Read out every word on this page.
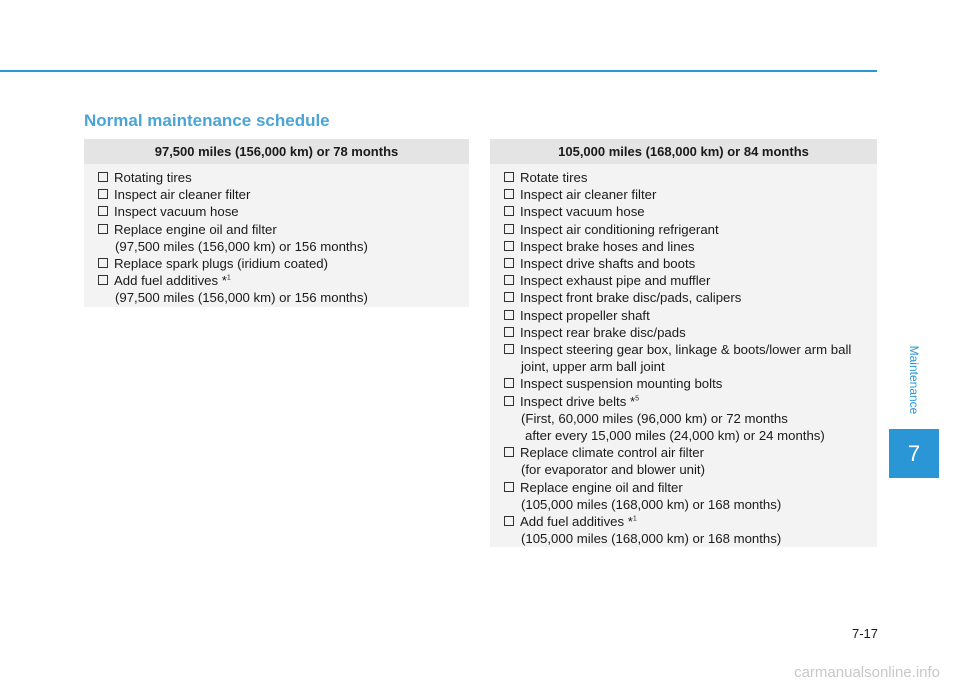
Normal maintenance schedule
97,500 miles (156,000 km) or 78 months
Rotating tires
Inspect air cleaner filter
Inspect vacuum hose
Replace engine oil and filter
(97,500 miles (156,000 km) or 156 months)
Replace spark plugs (iridium coated)
Add fuel additives *$^1$
(97,500 miles (156,000 km) or 156 months)
105,000 miles (168,000 km) or 84 months
Rotate tires
Inspect air cleaner filter
Inspect vacuum hose
Inspect air conditioning refrigerant
Inspect brake hoses and lines
Inspect drive shafts and boots
Inspect exhaust pipe and muffler
Inspect front brake disc/pads, calipers
Inspect propeller shaft
Inspect rear brake disc/pads
Inspect steering gear box, linkage & boots/lower arm ball
joint, upper arm ball joint
Inspect suspension mounting bolts
Inspect drive belts *$^5$
(First, 60,000 miles (96,000 km) or 72 months
after every 15,000 miles (24,000 km) or 24 months)
Replace climate control air filter
(for evaporator and blower unit)
Replace engine oil and filter
(105,000 miles (168,000 km) or 168 months)
Add fuel additives *$^1$
(105,000 miles (168,000 km) or 168 months)
Maintenance
7
7-17
carmanualsonline.info
